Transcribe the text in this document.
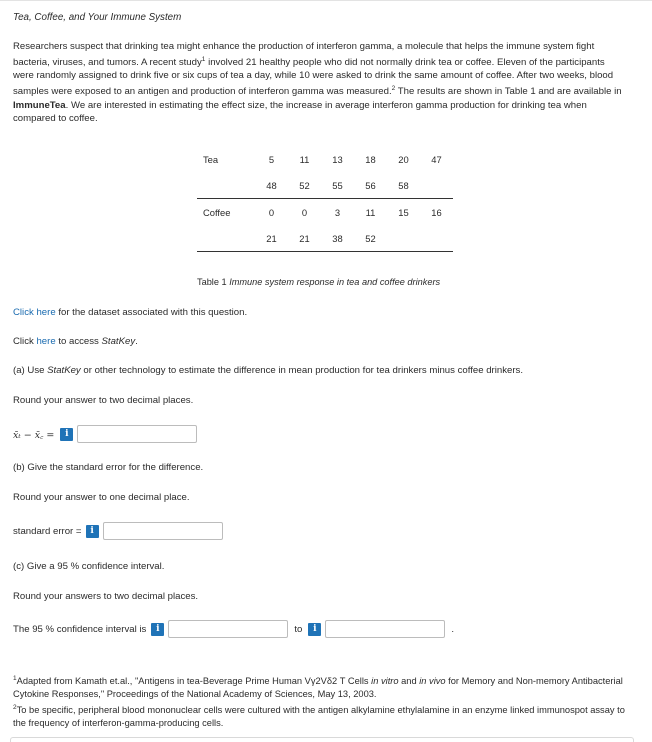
Tea, Coffee, and Your Immune System
Researchers suspect that drinking tea might enhance the production of interferon gamma, a molecule that helps the immune system fight bacteria, viruses, and tumors. A recent study$^1$ involved 21 healthy people who did not normally drink tea or coffee. Eleven of the participants were randomly assigned to drink five or six cups of tea a day, while 10 were asked to drink the same amount of coffee. After two weeks, blood samples were exposed to an antigen and production of interferon gamma was measured.$^2$ The results are shown in Table 1 and are available in ImmuneTea. We are interested in estimating the effect size, the increase in average interferon gamma production for drinking tea when compared to coffee.
Tea	5	11	13	18	20	47
	48	52	55	56	58	
Coffee	0	0	3	11	15	16
	21	21	38	52		
Table 1 Immune system response in tea and coffee drinkers
Click here for the dataset associated with this question.
Click here to access StatKey.
(a) Use StatKey or other technology to estimate the difference in mean production for tea drinkers minus coffee drinkers.
Round your answer to two decimal places.
x̄ₜ − x̄꜀ =	i
(b) Give the standard error for the difference.
Round your answer to one decimal place.
standard error = i
(c) Give a 95 % confidence interval.
Round your answers to two decimal places.
The 95 % confidence interval is	i	to	i	.
$^1$Adapted from Kamath et.al., "Antigens in tea-Beverage Prime Human Vγ2Vδ2 T Cells in vitro and in vivo for Memory and Non-memory Antibacterial Cytokine Responses," Proceedings of the National Academy of Sciences, May 13, 2003.
$^2$To be specific, peripheral blood mononuclear cells were cultured with the antigen alkylamine ethylalamine in an enzyme linked immunospot assay to the frequency of interferon-gamma-producing cells.
